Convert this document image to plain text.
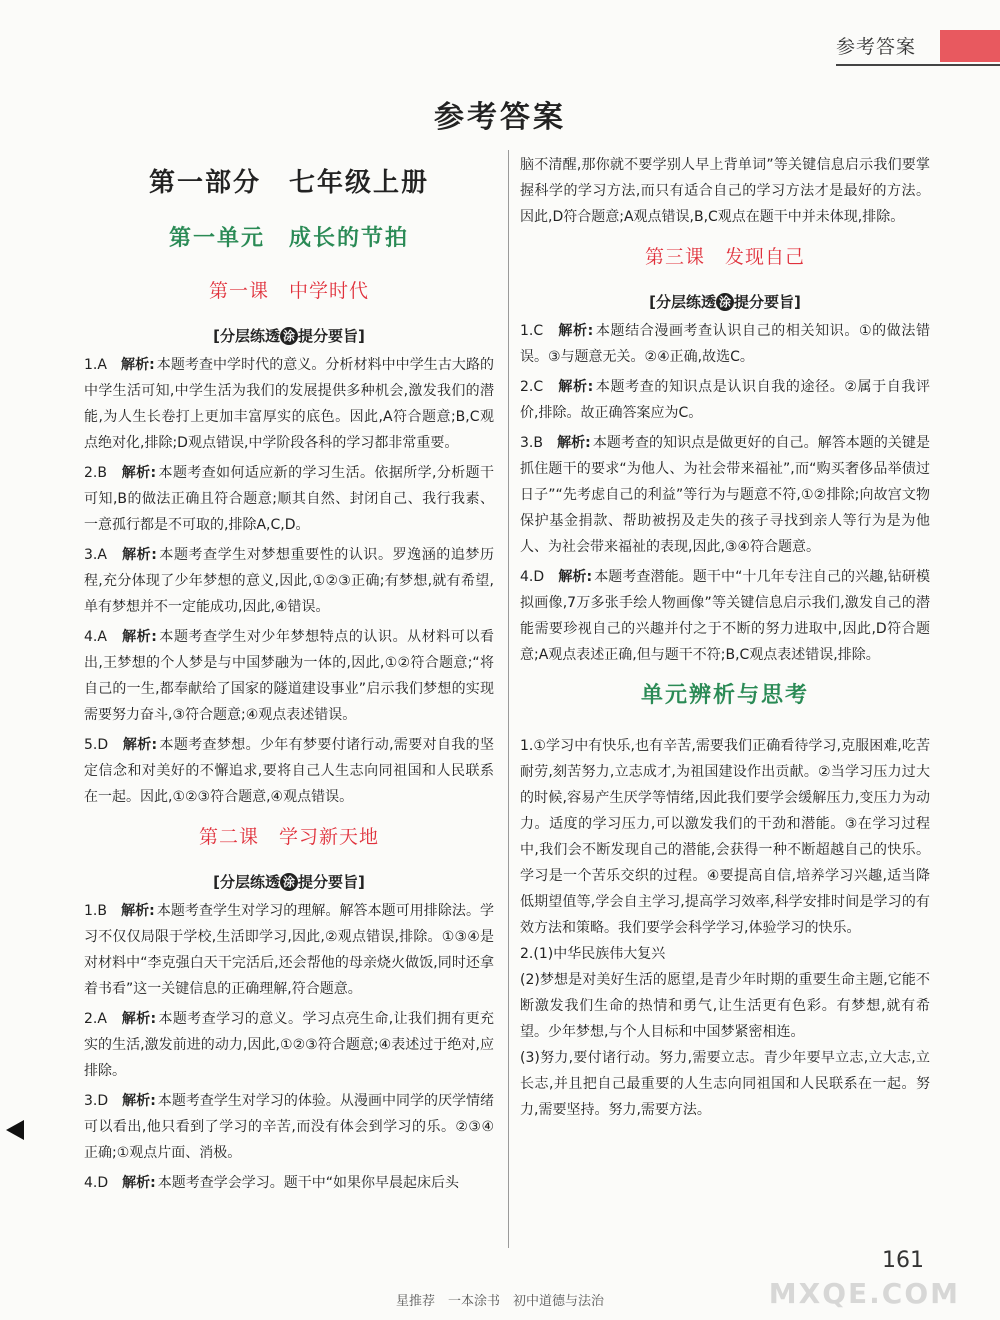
参考答案
参考答案
第一部分　七年级上册
第一单元　成长的节拍
第一课　中学时代
[分层练透 涂 提分要旨]

1.A　 解析: 本题考查中学时代的意义。分析材料中中学生古大路的中学生活可知,中学生活为我们的发展提供多种机会,激发我们的潜能,为人生长卷打上更加丰富厚实的底色。因此,A符合题意;B,C观点绝对化,排除;D观点错误,中学阶段各科的学习都非常重要。

2.B　 解析: 本题考查如何适应新的学习生活。依据所学,分析题干可知,B的做法正确且符合题意;顺其自然、封闭自己、我行我素、一意孤行都是不可取的,排除A,C,D。

3.A　 解析: 本题考查学生对梦想重要性的认识。罗逸涵的追梦历程,充分体现了少年梦想的意义,因此,①②③正确;有梦想,就有希望,单有梦想并不一定能成功,因此,④错误。

4.A　 解析: 本题考查学生对少年梦想特点的认识。从材料可以看出,王梦想的个人梦是与中国梦融为一体的,因此,①②符合题意;“将自己的一生,都奉献给了国家的隧道建设事业”启示我们梦想的实现需要努力奋斗,③符合题意;④观点表述错误。

5.D　 解析: 本题考查梦想。少年有梦要付诸行动,需要对自我的坚定信念和对美好的不懈追求,要将自己人生志向同祖国和人民联系在一起。因此,①②③符合题意,④观点错误。

第二课　学习新天地
[分层练透 涂 提分要旨]

1.B　 解析: 本题考查学生对学习的理解。解答本题可用排除法。学习不仅仅局限于学校,生活即学习,因此,②观点错误,排除。①③④是对材料中“李克强白天干完活后,还会帮他的母亲烧火做饭,同时还拿着书看”这一关键信息的正确理解,符合题意。

2.A　 解析: 本题考查学习的意义。学习点亮生命,让我们拥有更充实的生活,激发前进的动力,因此,①②③符合题意;④表述过于绝对,应排除。

3.D　 解析: 本题考查学生对学习的体验。从漫画中同学的厌学情绪可以看出,他只看到了学习的辛苦,而没有体会到学习的乐。②③④正确;①观点片面、消极。

4.D　 解析: 本题考查学会学习。题干中“如果你早晨起床后头

脑不清醒,那你就不要学别人早上背单词”等关键信息启示我们要掌握科学的学习方法,而只有适合自己的学习方法才是最好的方法。因此,D符合题意;A观点错误,B,C观点在题干中并未体现,排除。

第三课　发现自己
[分层练透 涂 提分要旨]

1.C　 解析: 本题结合漫画考查认识自己的相关知识。①的做法错误。③与题意无关。②④正确,故选C。

2.C　 解析: 本题考查的知识点是认识自我的途径。②属于自我评价,排除。故正确答案应为C。

3.B　 解析: 本题考查的知识点是做更好的自己。解答本题的关键是抓住题干的要求“为他人、为社会带来福祉”,而“购买奢侈品举债过日子”“先考虑自己的利益”等行为与题意不符,①②排除;向故宫文物保护基金捐款、帮助被拐及走失的孩子寻找到亲人等行为是为他人、为社会带来福祉的表现,因此,③④符合题意。

4.D　 解析: 本题考查潜能。题干中“十几年专注自己的兴趣,钻研模拟画像,7万多张手绘人物画像”等关键信息启示我们,激发自己的潜能需要珍视自己的兴趣并付之于不断的努力进取中,因此,D符合题意;A观点表述正确,但与题干不符;B,C观点表述错误,排除。

单元辨析与思考

1.①学习中有快乐,也有辛苦,需要我们正确看待学习,克服困难,吃苦耐劳,刻苦努力,立志成才,为祖国建设作出贡献。②当学习压力过大的时候,容易产生厌学等情绪,因此我们要学会缓解压力,变压力为动力。适度的学习压力,可以激发我们的干劲和潜能。③在学习过程中,我们会不断发现自己的潜能,会获得一种不断超越自己的快乐。学习是一个苦乐交织的过程。④要提高自信,培养学习兴趣,适当降低期望值等,学会自主学习,提高学习效率,科学安排时间是学习的有效方法和策略。我们要学会科学学习,体验学习的快乐。

2.(1)中华民族伟大复兴

(2)梦想是对美好生活的愿望,是青少年时期的重要生命主题,它能不断激发我们生命的热情和勇气,让生活更有色彩。有梦想,就有希望。少年梦想,与个人目标和中国梦紧密相连。

(3)努力,要付诸行动。努力,需要立志。青少年要早立志,立大志,立长志,并且把自己最重要的人生志向同祖国和人民联系在一起。努力,需要坚持。努力,需要方法。

161
星推荐　一本涂书　初中道德与法治	MXQE.COM
